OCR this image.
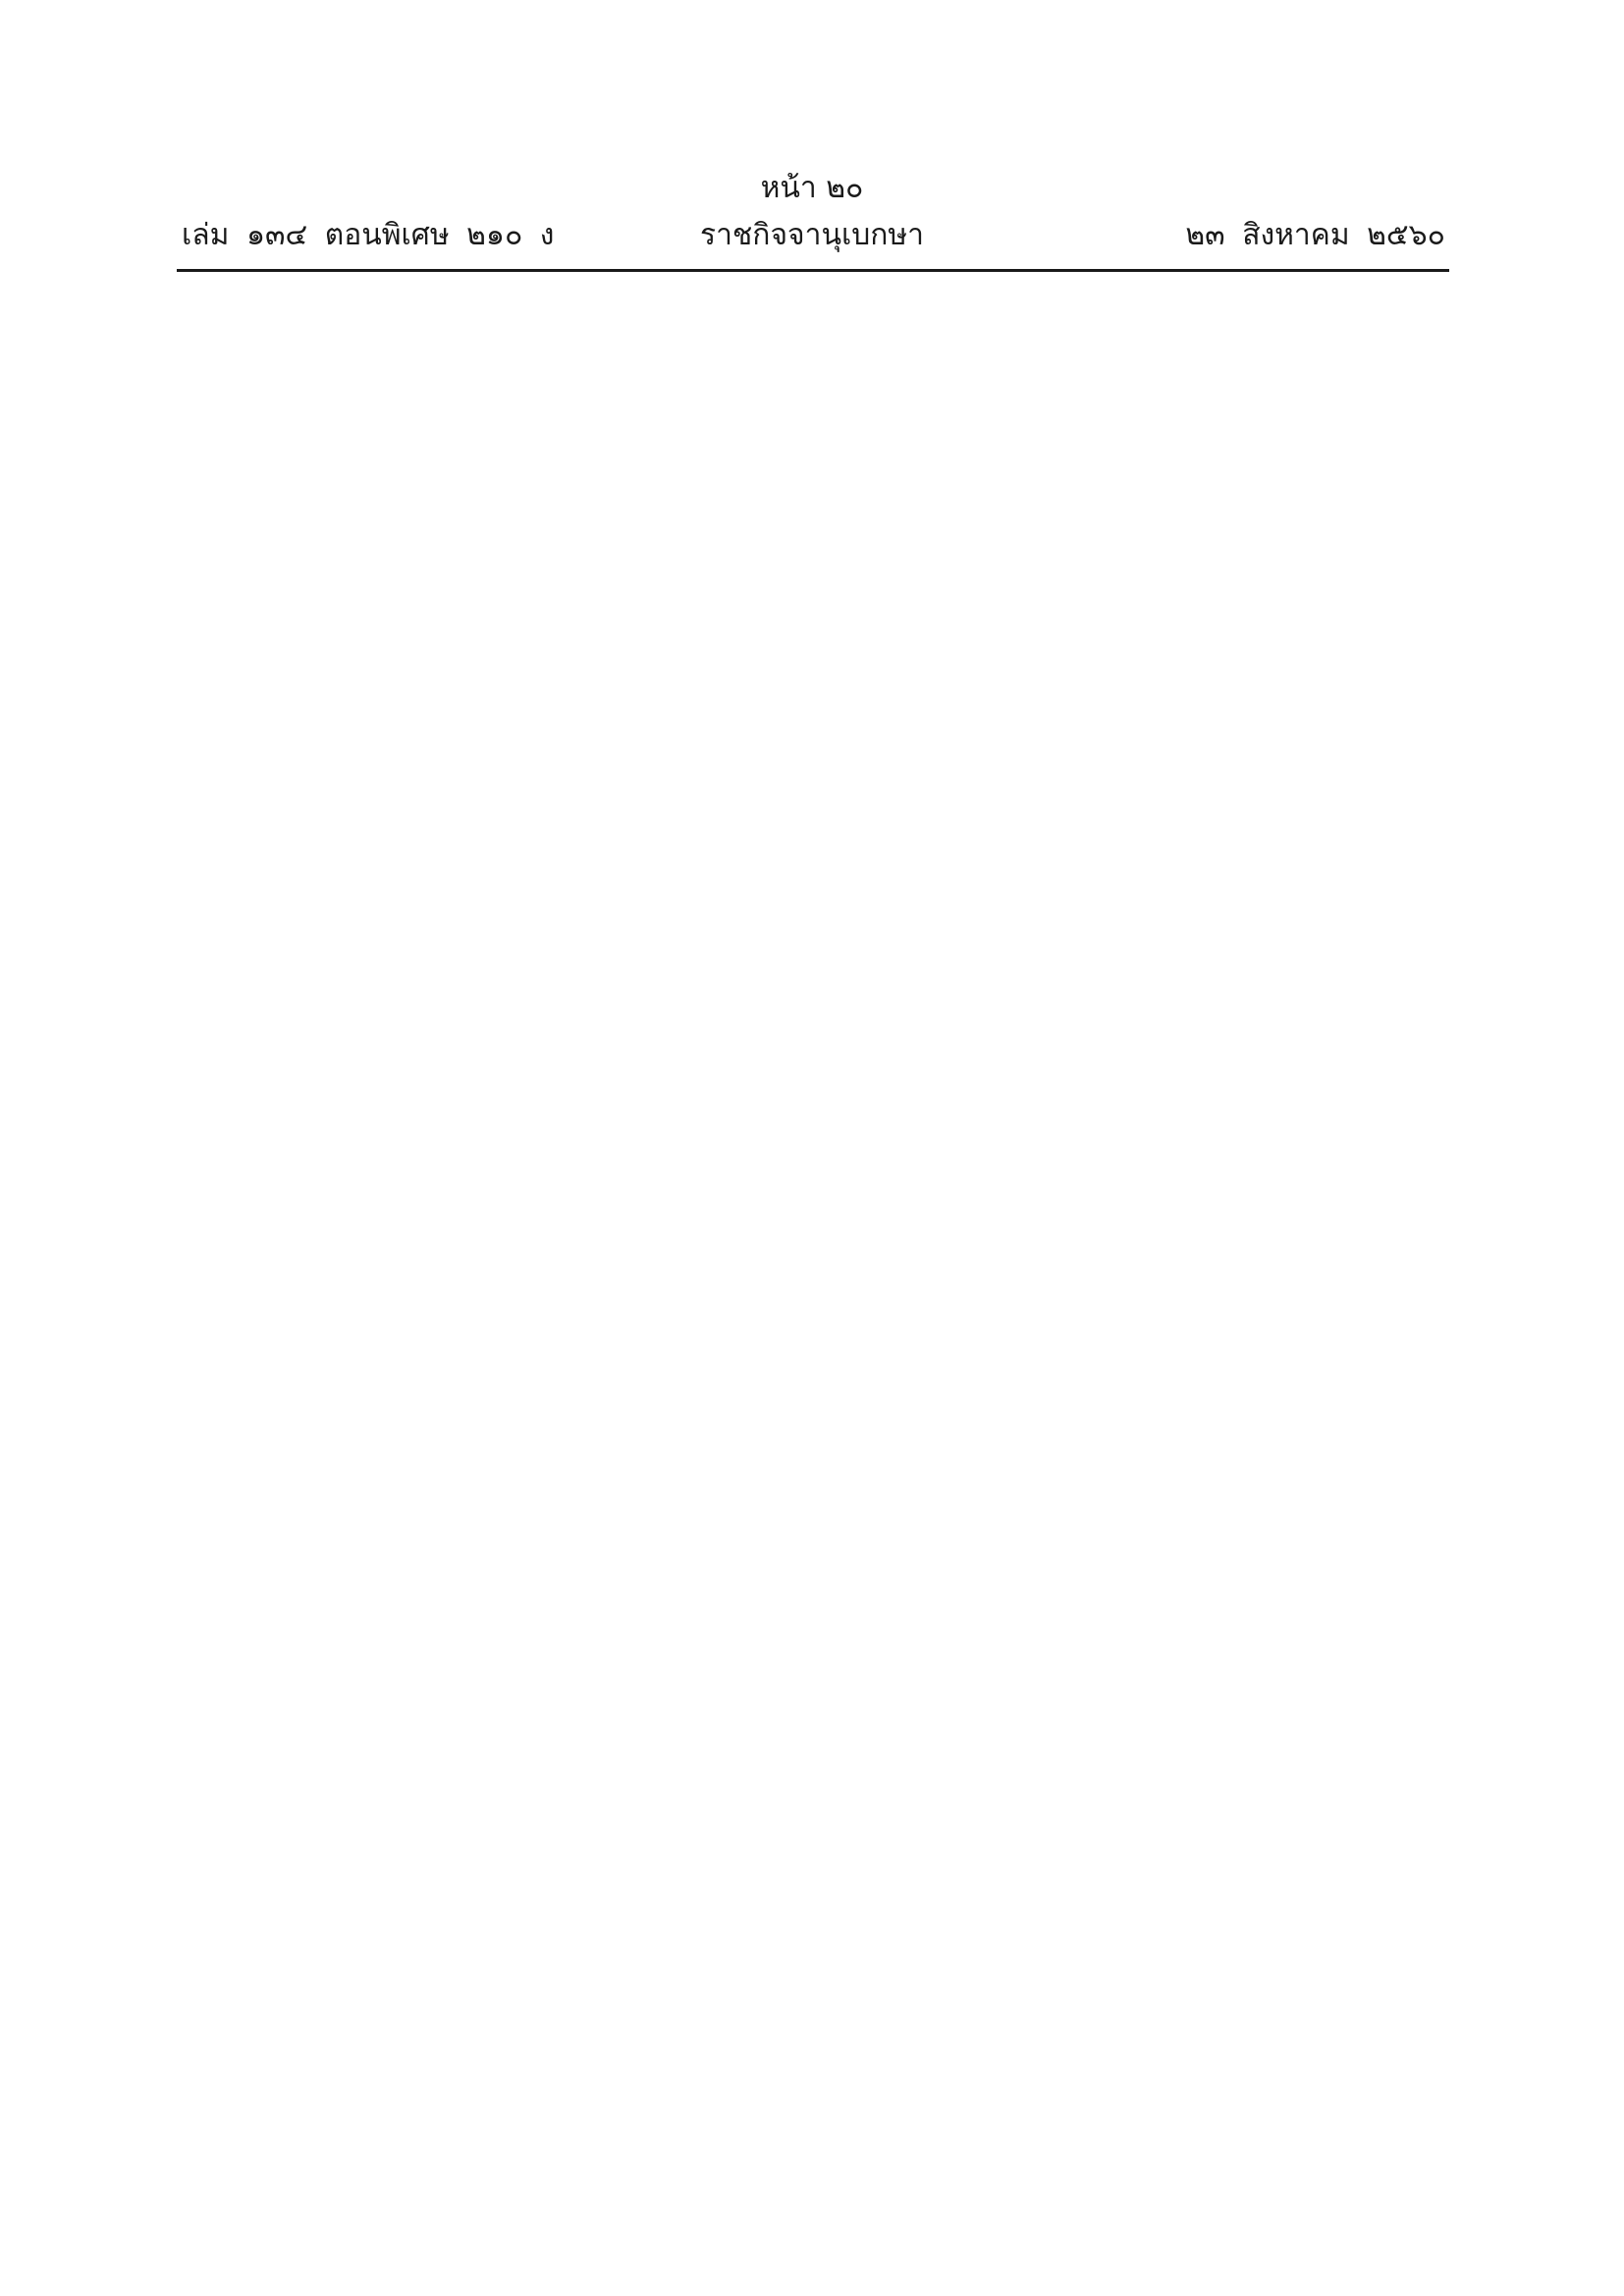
หน้า ๒๐
เล่ม ๑๓๔ ตอนพิเศษ ๒๑๐ ง	ราชกิจจานุเบกษา	๒๓ สิงหาคม ๒๕๖๐
